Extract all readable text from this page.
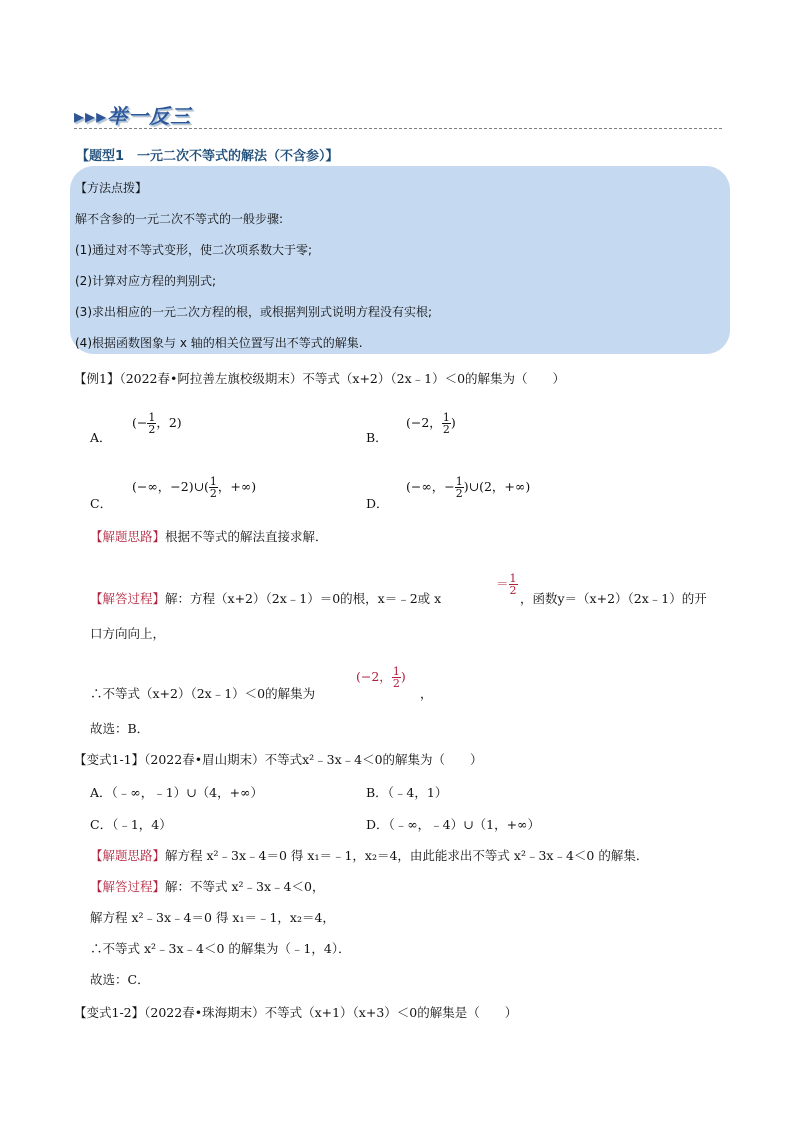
▸▸▸举一反三
【题型1　一元二次不等式的解法（不含参）】
【方法点拨】
解不含参的一元二次不等式的一般步骤:
(1)通过对不等式变形，使二次项系数大于零;
(2)计算对应方程的判别式;
(3)求出相应的一元二次方程的根，或根据判别式说明方程没有实根;
(4)根据函数图象与 x 轴的相关位置写出不等式的解集.
【例1】（2022春•阿拉善左旗校级期末）不等式（x+2）（2x﹣1）＜0的解集为（　　）
A．
(− $\frac{1}{2}$ ，2)
B．
(−2， $\frac{1}{2}$ )
C．
(−∞，−2)∪( $\frac{1}{2}$ ，+∞)
D．
(−∞，− $\frac{1}{2}$ )∪(2，+∞)
【解题思路】根据不等式的解法直接求解．
【解答过程】解：方程（x+2）（2x﹣1）＝0的根，x＝﹣2或 x
＝ $\frac{1}{2}$
，函数y＝（x+2）（2x﹣1）的开
口方向向上，
∴不等式（x+2）（2x﹣1）＜0的解集为
(−2， $\frac{1}{2}$ )
，
故选：B．
【变式1-1】（2022春•眉山期末）不等式x²﹣3x﹣4＜0的解集为（　　）
A．（﹣∞，﹣1）∪（4，+∞）	B．（﹣4，1）
C．（﹣1，4）	D．（﹣∞，﹣4）∪（1，+∞）
【解题思路】解方程 x²﹣3x﹣4＝0 得 x₁＝﹣1，x₂＝4，由此能求出不等式 x²﹣3x﹣4＜0 的解集．
【解答过程】解：不等式 x²﹣3x﹣4＜0，
解方程 x²﹣3x﹣4＝0 得 x₁＝﹣1，x₂＝4，
∴不等式 x²﹣3x﹣4＜0 的解集为（﹣1，4）．
故选：C．
【变式1-2】（2022春•珠海期末）不等式（x+1）（x+3）＜0的解集是（　　）
